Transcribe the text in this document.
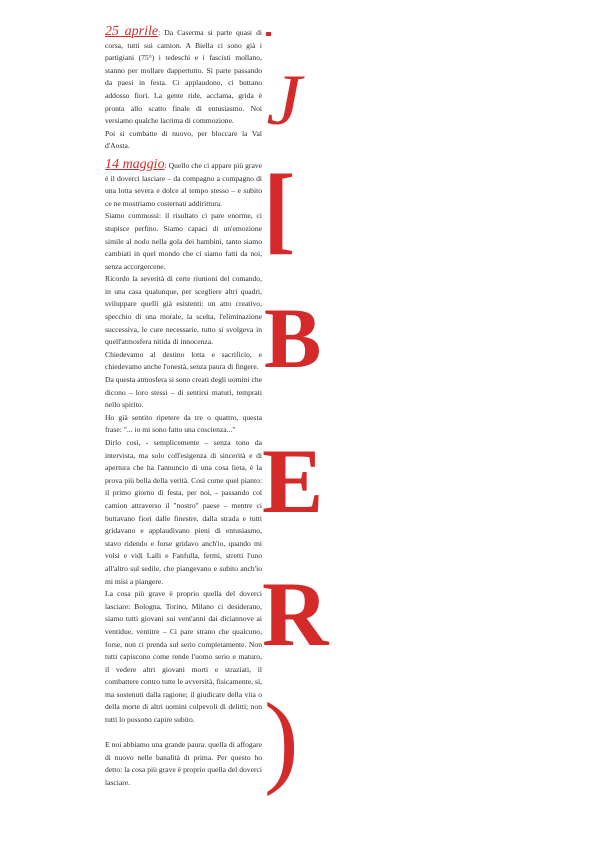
25 aprile: Da Caserma si parte quasi di corsa, tutti sui camion. A Biella ci sono già i partigiani (75°) i tedeschi e i fascisti mollano, stanno per mollare dappertutto. Si parte passando da paesi in festa. Ci applaudono, ci buttano addosso fiori. La gente ride, acclama, grida è pronta allo scatto finale di entusiasmo. Noi versiamo qualche lacrima di commozione.

Poi si combatte di nuovo, per bloccare la Val d'Aosta.

14 maggio: Quello che ci appare più grave è il doverci lasciare – da compagno a compagno di una lotta severa e dolce al tempo stesso – e subito ce ne mostriamo costernati addirittura.

Siamo commossi: il risultato ci pare enorme, ci stupisce perfino. Siamo capaci di un'emozione simile al nodo nella gola dei bambini, tanto siamo cambiati in quel mondo che ci siamo fatti da noi, senza accorgercene.

Ricordo la severità di certe riunioni del comando, in una casa qualunque, per scegliere altri quadri, sviluppare quelli già esistenti: un atto creativo, specchio di una morale, la scelta, l'eliminazione successiva, le cure necessarie, tutto si svolgeva in quell'atmosfera nitida di innocenza.

Chiedevamo al destino lotta e sacrificio, e chiedevamo anche l'onestà, senza paura di fingere.

Da questa atmosfera si sono creati degli uomini che dicono – loro stessi – di sentirsi maturi, temprati nello spirito.

Ho già sentito ripetere da tre o quattro, questa frase: "... io mi sono fatto una coscienza..."

Dirlo così, - semplicemente – senza tono da intervista, ma solo coll'esigenza di sincerità e di apertura che ha l'annuncio di una cosa lieta, è la prova più bella della verità. Così come quel pianto: il primo giorno di festa, per noi, - passando col camion attraverso il "nostro" paese – mentre ci buttavano fiori dalle finestre, dalla strada e tutti gridavano e applaudivano pieni di entusiasmo, stavo ridendo e forse gridavo anch'io, quando mi volsi e vidi Lalli e Fanfulla, fermi, stretti l'uno all'altro sul sedile, che piangevano e subito anch'io mi misi a piangere.

La cosa più grave è proprio quella del doverci lasciare: Bologna, Torino, Milano ci desiderano, siamo tutti giovani sui vent'anni dai diciannove ai ventidue, ventitre – Ci pare strano che qualcuno, forse, non ci prenda sul serio completamente. Non tutti capiscono come rende l'uomo serio e maturo, il vedere altri giovani morti e straziati, il combattere contro tutte le avversità, fisicamente, sì, ma sostenuti dalla ragione; il giudicare della vita o della morte di altri uomini colpevoli di delitti; non tutti lo possono capire subito.

E noi abbiamo una grande paura: quella di affogare di nuovo nelle banalità di prima. Per questo ho detto: la cosa più grave è proprio quella del doverci lasciare.

J
[
B
E
R
)
